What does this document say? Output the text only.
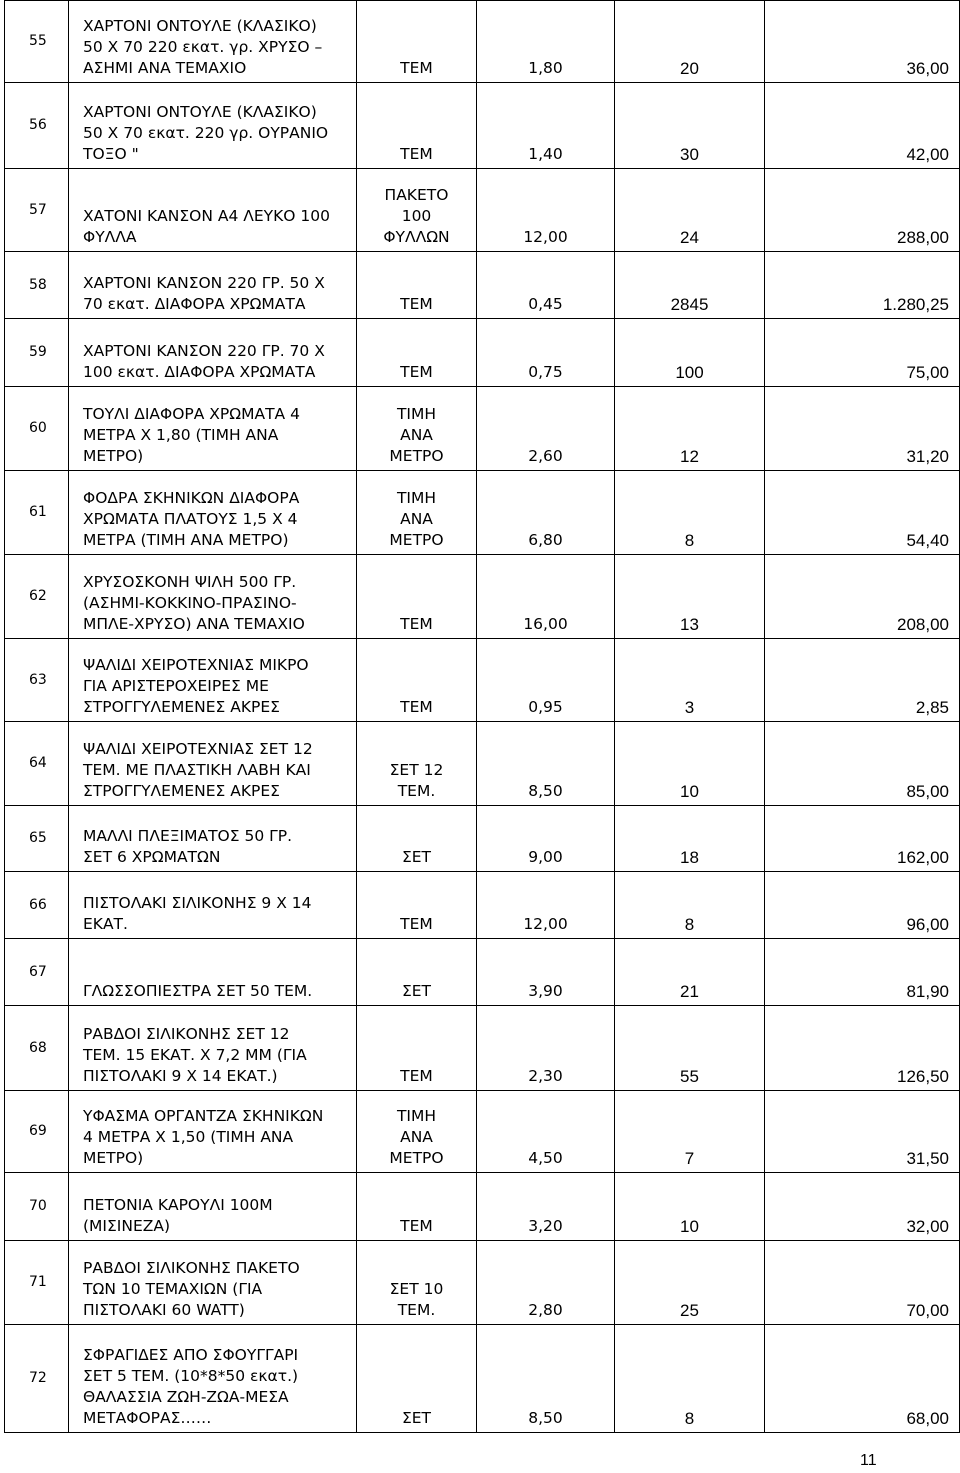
55	ΧΑΡΤΟΝΙ ΟΝΤΟΥΛΕ (ΚΛΑΣΙΚΟ)
50 Χ 70 220 εκατ. γρ. ΧΡΥΣΟ –
ΑΣΗΜΙ ΑΝΑ ΤΕΜΑΧΙΟ	ΤΕΜ	1,80	20	36,00
56	ΧΑΡΤΟΝΙ ΟΝΤΟΥΛΕ (ΚΛΑΣΙΚΟ)
50 Χ 70 εκατ. 220 γρ. ΟΥΡΑΝΙΟ
ΤΟΞΟ "	ΤΕΜ	1,40	30	42,00
57	ΧΑΤΟΝΙ ΚΑΝΣΟΝ Α4 ΛΕΥΚΟ 100
ΦΥΛΛΑ	ΠΑΚΕΤΟ
100
ΦΥΛΛΩΝ	12,00	24	288,00
58	ΧΑΡΤΟΝΙ ΚΑΝΣΟΝ 220 ΓΡ. 50 Χ
70 εκατ. ΔΙΑΦΟΡΑ ΧΡΩΜΑΤΑ	ΤΕΜ	0,45	2845	1.280,25
59	ΧΑΡΤΟΝΙ ΚΑΝΣΟΝ 220 ΓΡ. 70 Χ
100 εκατ. ΔΙΑΦΟΡΑ ΧΡΩΜΑΤΑ	ΤΕΜ	0,75	100	75,00
60	ΤΟΥΛΙ ΔΙΑΦΟΡΑ ΧΡΩΜΑΤΑ 4
ΜΕΤΡΑ Χ 1,80 (ΤΙΜΗ ΑΝΑ
ΜΕΤΡΟ)	ΤΙΜΗ
ΑΝΑ
ΜΕΤΡΟ	2,60	12	31,20
61	ΦΟΔΡΑ ΣΚΗΝΙΚΩΝ ΔΙΑΦΟΡΑ
ΧΡΩΜΑΤΑ ΠΛΑΤΟΥΣ 1,5 Χ 4
ΜΕΤΡΑ (ΤΙΜΗ ΑΝΑ ΜΕΤΡΟ)	ΤΙΜΗ
ΑΝΑ
ΜΕΤΡΟ	6,80	8	54,40
62	ΧΡΥΣΟΣΚΟΝΗ ΨΙΛΗ 500 ΓΡ.
(ΑΣΗΜΙ-ΚΟΚΚΙΝΟ-ΠΡΑΣΙΝΟ-
ΜΠΛΕ-ΧΡΥΣΟ) ΑΝΑ ΤΕΜΑΧΙΟ	ΤΕΜ	16,00	13	208,00
63	ΨΑΛΙΔΙ ΧΕΙΡΟΤΕΧΝΙΑΣ ΜΙΚΡΟ
ΓΙΑ ΑΡΙΣΤΕΡΟΧΕΙΡΕΣ ΜΕ
ΣΤΡΟΓΓΥΛΕΜΕΝΕΣ ΑΚΡΕΣ	ΤΕΜ	0,95	3	2,85
64	ΨΑΛΙΔΙ ΧΕΙΡΟΤΕΧΝΙΑΣ ΣΕΤ 12
ΤΕΜ. ΜΕ ΠΛΑΣΤΙΚΗ ΛΑΒΗ ΚΑΙ
ΣΤΡΟΓΓΥΛΕΜΕΝΕΣ ΑΚΡΕΣ	ΣΕΤ 12
ΤΕΜ.	8,50	10	85,00
65	ΜΑΛΛΙ ΠΛΕΞΙΜΑΤΟΣ 50 ΓΡ.
ΣΕΤ 6 ΧΡΩΜΑΤΩΝ	ΣΕΤ	9,00	18	162,00
66	ΠΙΣΤΟΛΑΚΙ ΣΙΛΙΚΟΝΗΣ 9 Χ 14
ΕΚΑΤ.	ΤΕΜ	12,00	8	96,00
67	ΓΛΩΣΣΟΠΙΕΣΤΡΑ ΣΕΤ 50 ΤΕΜ.	ΣΕΤ	3,90	21	81,90
68	ΡΑΒΔΟΙ ΣΙΛΙΚΟΝΗΣ ΣΕΤ 12
ΤΕΜ. 15 ΕΚΑΤ. Χ 7,2 ΜΜ (ΓΙΑ
ΠΙΣΤΟΛΑΚΙ 9 Χ 14 ΕΚΑΤ.)	ΤΕΜ	2,30	55	126,50
69	ΥΦΑΣΜΑ ΟΡΓΑΝΤΖΑ ΣΚΗΝΙΚΩΝ
4 ΜΕΤΡΑ Χ 1,50 (ΤΙΜΗ ΑΝΑ
ΜΕΤΡΟ)	ΤΙΜΗ
ΑΝΑ
ΜΕΤΡΟ	4,50	7	31,50
70	ΠΕΤΟΝΙΑ ΚΑΡΟΥΛΙ 100Μ
(ΜΙΣΙΝΕΖΑ)	ΤΕΜ	3,20	10	32,00
71	ΡΑΒΔΟΙ ΣΙΛΙΚΟΝΗΣ ΠΑΚΕΤΟ
ΤΩΝ 10 ΤΕΜΑΧΙΩΝ (ΓΙΑ
ΠΙΣΤΟΛΑΚΙ 60 WATT)	ΣΕΤ 10
ΤΕΜ.	2,80	25	70,00
72	ΣΦΡΑΓΙΔΕΣ ΑΠΟ ΣΦΟΥΓΓΑΡΙ
ΣΕΤ 5 ΤΕΜ. (10*8*50 εκατ.)
ΘΑΛΑΣΣΙΑ ΖΩΗ-ΖΩΑ-ΜΕΣΑ
ΜΕΤΑΦΟΡΑΣ……	ΣΕΤ	8,50	8	68,00
11
